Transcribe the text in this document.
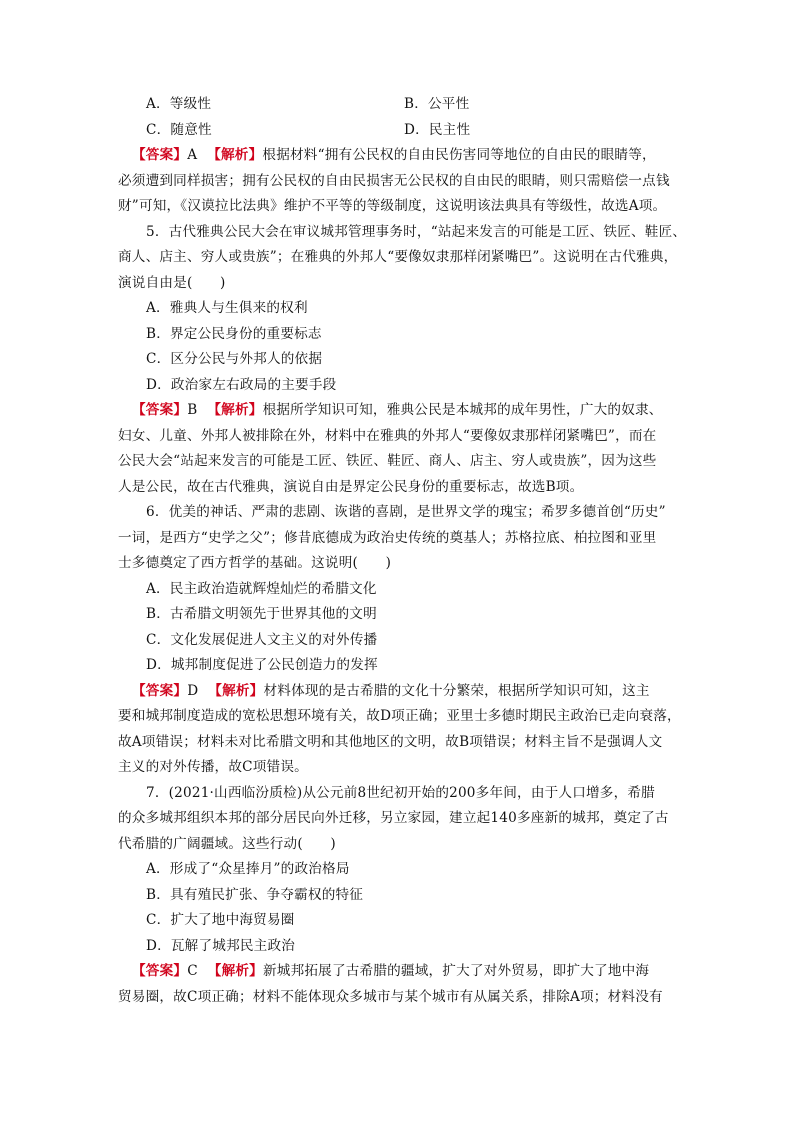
A．等级性	B．公平性
C．随意性	D．民主性
【答案】A 【解析】根据材料“拥有公民权的自由民伤害同等地位的自由民的眼睛等，
必须遭到同样损害；拥有公民权的自由民损害无公民权的自由民的眼睛，则只需赔偿一点钱
财”可知，《汉谟拉比法典》维护不平等的等级制度，这说明该法典具有等级性，故选A项。
5．古代雅典公民大会在审议城邦管理事务时，“站起来发言的可能是工匠、铁匠、鞋匠、
商人、店主、穷人或贵族”；在雅典的外邦人“要像奴隶那样闭紧嘴巴”。这说明在古代雅典，
演说自由是(　　)
A．雅典人与生俱来的权利
B．界定公民身份的重要标志
C．区分公民与外邦人的依据
D．政治家左右政局的主要手段
【答案】B 【解析】根据所学知识可知，雅典公民是本城邦的成年男性，广大的奴隶、
妇女、儿童、外邦人被排除在外，材料中在雅典的外邦人“要像奴隶那样闭紧嘴巴”，而在
公民大会“站起来发言的可能是工匠、铁匠、鞋匠、商人、店主、穷人或贵族”，因为这些
人是公民，故在古代雅典，演说自由是界定公民身份的重要标志，故选B项。
6．优美的神话、严肃的悲剧、诙谐的喜剧，是世界文学的瑰宝；希罗多德首创“历史”
一词，是西方“史学之父”；修昔底德成为政治史传统的奠基人；苏格拉底、柏拉图和亚里
士多德奠定了西方哲学的基础。这说明(　　)
A．民主政治造就辉煌灿烂的希腊文化
B．古希腊文明领先于世界其他的文明
C．文化发展促进人文主义的对外传播
D．城邦制度促进了公民创造力的发挥
【答案】D 【解析】材料体现的是古希腊的文化十分繁荣，根据所学知识可知，这主
要和城邦制度造成的宽松思想环境有关，故D项正确；亚里士多德时期民主政治已走向衰落，
故A项错误；材料未对比希腊文明和其他地区的文明，故B项错误；材料主旨不是强调人文
主义的对外传播，故C项错误。
7．(2021·山西临汾质检)从公元前8世纪初开始的200多年间，由于人口增多，希腊
的众多城邦组织本邦的部分居民向外迁移，另立家园，建立起140多座新的城邦，奠定了古
代希腊的广阔疆域。这些行动(　　)
A．形成了“众星捧月”的政治格局
B．具有殖民扩张、争夺霸权的特征
C．扩大了地中海贸易圈
D．瓦解了城邦民主政治
【答案】C 【解析】新城邦拓展了古希腊的疆域，扩大了对外贸易，即扩大了地中海
贸易圈，故C项正确；材料不能体现众多城市与某个城市有从属关系，排除A项；材料没有
